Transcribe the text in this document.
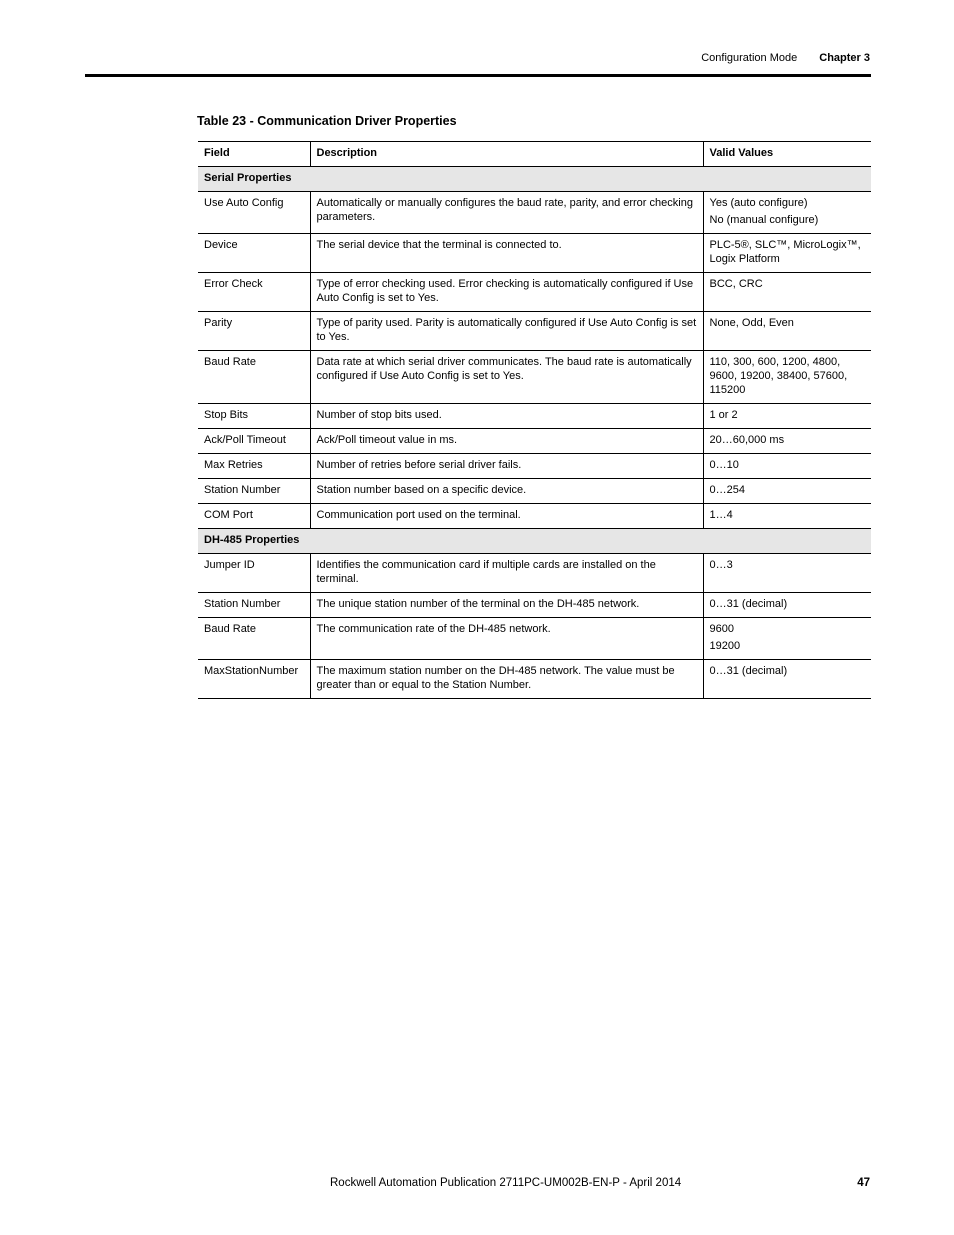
Configuration Mode Chapter 3
Table 23 - Communication Driver Properties
Field	Description	Valid Values
Serial Properties		
Use Auto Config	Automatically or manually configures the baud rate, parity, and error checking parameters.	Yes (auto configure)
No (manual configure)

Device	The serial device that the terminal is connected to.	PLC-5®, SLC™, MicroLogix™, Logix Platform

Error Check	Type of error checking used. Error checking is automatically configured if Use Auto Config is set to Yes.	BCC, CRC

Parity	Type of parity used. Parity is automatically configured if Use Auto Config is set to Yes.	None, Odd, Even

Baud Rate	Data rate at which serial driver communicates. The baud rate is automatically configured if Use Auto Config is set to Yes.	110, 300, 600, 1200, 4800, 9600, 19200, 38400, 57600, 115200

Stop Bits	Number of stop bits used.	1 or 2

Ack/Poll Timeout	Ack/Poll timeout value in ms.	20…60,000 ms

Max Retries	Number of retries before serial driver fails.	0…10

Station Number	Station number based on a specific device.	0…254

COM Port	Communication port used on the terminal.	1…4

DH-485 Properties		
Jumper ID	Identifies the communication card if multiple cards are installed on the terminal.	0…3

Station Number	The unique station number of the terminal on the DH-485 network.	0…31 (decimal)

Baud Rate	The communication rate of the DH-485 network.	9600
19200

MaxStationNumber	The maximum station number on the DH-485 network. The value must be greater than or equal to the Station Number.	0…31 (decimal)
Rockwell Automation Publication 2711PC-UM002B-EN-P - April 2014	47
